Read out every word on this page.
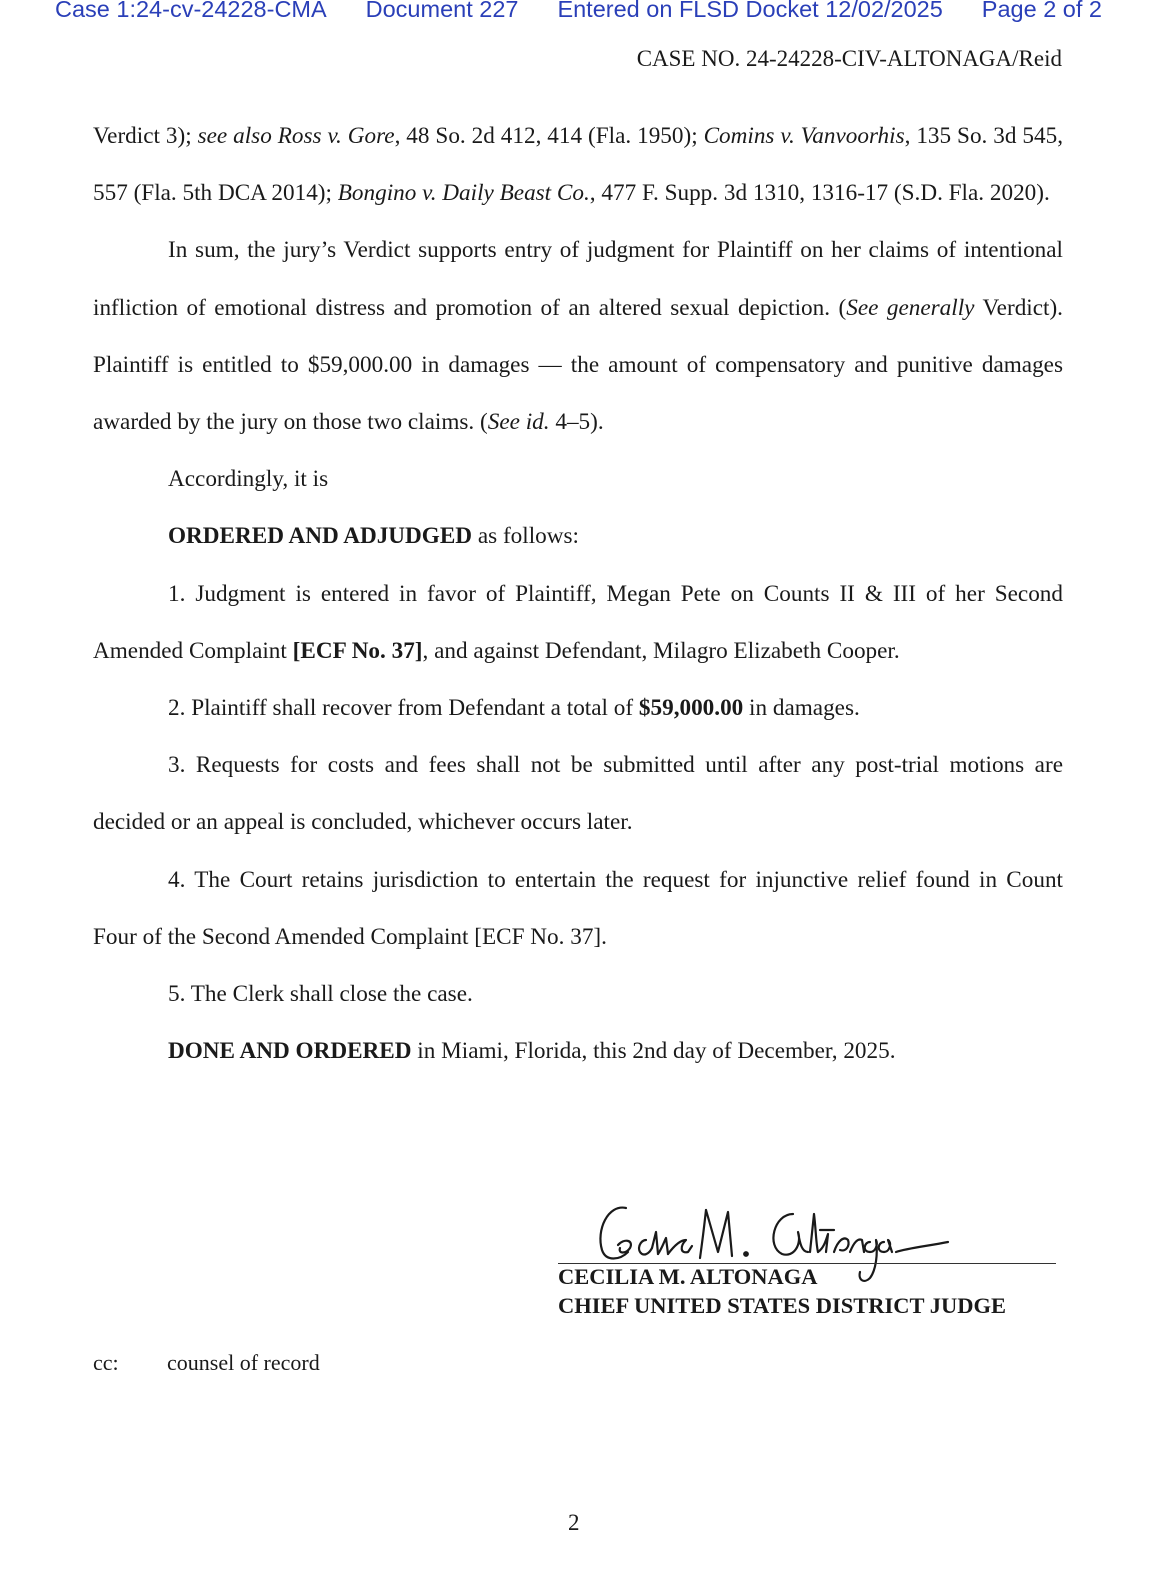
Case 1:24-cv-24228-CMA Document 227 Entered on FLSD Docket 12/02/2025 Page 2 of 2
CASE NO. 24-24228-CIV-ALTONAGA/Reid

Verdict 3); see also Ross v. Gore, 48 So. 2d 412, 414 (Fla. 1950); Comins v. Vanvoorhis, 135 So. 3d 545, 557 (Fla. 5th DCA 2014); Bongino v. Daily Beast Co., 477 F. Supp. 3d 1310, 1316-17 (S.D. Fla. 2020).

In sum, the jury’s Verdict supports entry of judgment for Plaintiff on her claims of intentional infliction of emotional distress and promotion of an altered sexual depiction. (See generally Verdict). Plaintiff is entitled to $59,000.00 in damages — the amount of compensatory and punitive damages awarded by the jury on those two claims. (See id. 4–5).

Accordingly, it is

ORDERED AND ADJUDGED as follows:

1. Judgment is entered in favor of Plaintiff, Megan Pete on Counts II & III of her Second Amended Complaint [ECF No. 37], and against Defendant, Milagro Elizabeth Cooper.

2. Plaintiff shall recover from Defendant a total of $59,000.00 in damages.

3. Requests for costs and fees shall not be submitted until after any post-trial motions are decided or an appeal is concluded, whichever occurs later.

4. The Court retains jurisdiction to entertain the request for injunctive relief found in Count Four of the Second Amended Complaint [ECF No. 37].

5. The Clerk shall close the case.

DONE AND ORDERED in Miami, Florida, this 2nd day of December, 2025.

CECILIA M. ALTONAGA
CHIEF UNITED STATES DISTRICT JUDGE
cc: counsel of record
2
